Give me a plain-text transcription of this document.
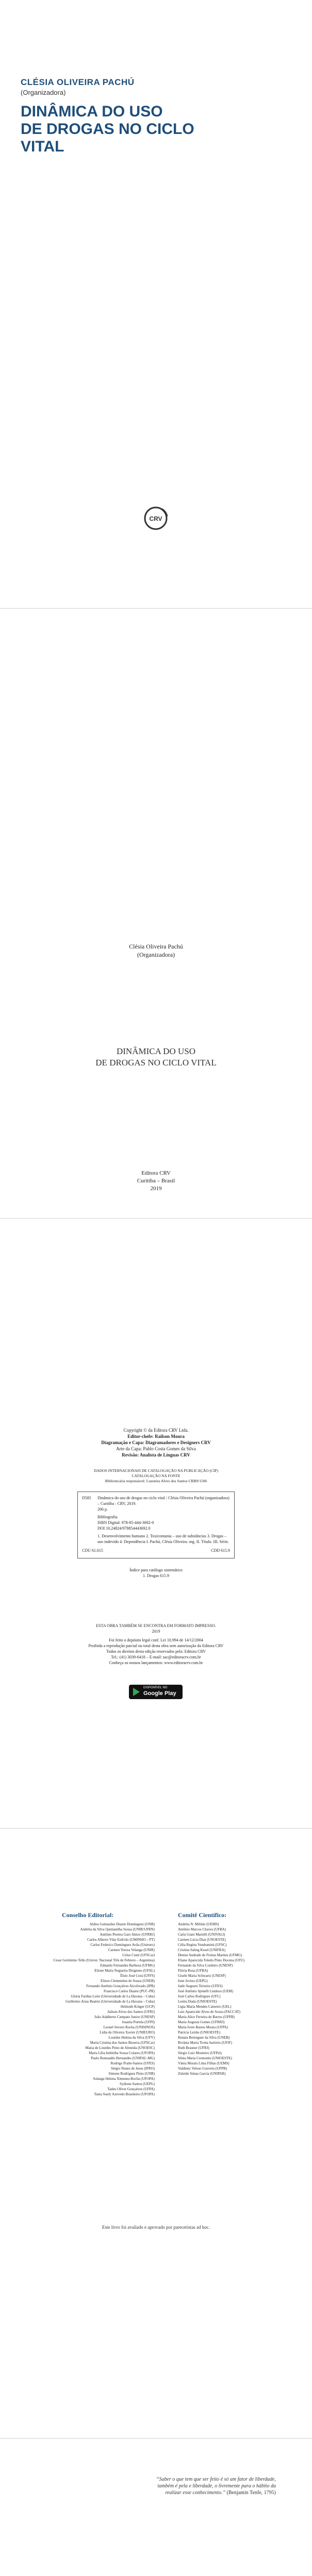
CLÉSIA OLIVEIRA PACHÚ
(Organizadora)
DINÂMICA DO USO
DE DROGAS NO CICLO VITAL
CRV
Clésia Oliveira Pachú
(Organizadora)
DINÂMICA DO USO
DE DROGAS NO CICLO VITAL
Editora CRV
Curitiba – Brasil
2019
Copyright © da Editora CRV Ltda.
Editor-chefe: Railson Moura
Diagramação e Capa: Diagramadores e Designers CRV
Arte da Capa: Pablo Costa Gomes da Silva
Revisão: Analista de Línguas CRV
DADOS INTERNACIONAIS DE CATALOGAÇÃO NA PUBLICAÇÃO (CIP)
CATALOGAÇÃO NA FONTE
Bibliotecária responsável: Luzenira Alves dos Santos CRB9/1506
D585	Dinâmica do uso de drogas no ciclo vital / Clésia Oliveira Pachú (organizadora) – Curitiba : CRV, 2019.
266 p.
Bibliografia
ISBN Digital: 978-85-444-3692-0
DOI 10.24824/978854443692.0
1. Desenvolvimento humano 2. Toxicomania – uso de substâncias 3. Drogas – uso indevido 4. Dependência I. Pachú, Clésia Oliveira. org. II. Título. III. Série.
CDU 61.615	CDD 615.9
Índice para catálogo sistemático
1. Drogas 615.9
ESTA OBRA TAMBÉM SE ENCONTRA EM FORMATO IMPRESSO.
2019
Foi feito o depósito legal conf. Lei 10.994 de 14/12/2004
Proibida a reprodução parcial ou total desta obra sem autorização da Editora CRV
Todos os direitos desta edição reservados pela: Editora CRV
Tel.: (41) 3039-6418 – E-mail: sac@editoracrv.com.br
Conheça os nossos lançamentos: www.editoracrv.com.br
DISPONÍVEL NO
Google Play
Conselho Editorial:	Comitê Científico:
Aldira Guimarães Duarte Domínguez (UNB)
Andréia da Silva Quintanilha Sousa (UNIR/UFRN)
Antônio Pereira Gaio Júnior (UFRRJ)
Carlos Alberto Vilar Estêvão (UMINHO – PT)
Carlos Federico Domínguez Avila (Unieuro)
Carmen Tereza Velanga (UNIR)
Celso Conti (UFSCar)
Cesar Gerónimo Tello (Univer. Nacional Três de Febrero – Argentina)
Eduardo Fernandes Barbosa (UFMG)
Elione Maria Nogueira Diogenes (UFAL)
Élsio José Corá (UFFS)
Elizeu Clementino de Souza (UNEB)
Fernando Antônio Gonçalves Alcoforado (IPB)
Francisco Carlos Duarte (PUC-PR)
Gloria Fariñas León (Universidade de La Havana – Cuba)
Guillermo Arias Beatón (Universidade de La Havana – Cuba)
Helmuth Krüger (UCP)
Jailson Alves dos Santos (UFRJ)
João Adalberto Campato Junior (UNESP)
Josania Portela (UFPI)
Leonel Severo Rocha (UNISINOS)
Lídia de Oliveira Xavier (UNIEURO)
Lourdes Helena da Silva (UFV)
Maria Cristina dos Santos Bezerra (UFSCar)
Maria de Lourdes Pinto de Almeida (UNOESC)
Maria Lília Imbiriba Sousa Colares (UFOPA)
Paulo Romualdo Hernandes (UNIFAL-MG)
Rodrigo Pratte-Santos (UFES)
Sérgio Nunes de Jesus (IFRO)
Simone Rodrigues Pinto (UNB)
Solange Helena Ximenes-Rocha (UFOPA)
Sydione Santos (UEPG)
Tadeu Oliver Gonçalves (UFPA)
Tania Suely Azevedo Brasileiro (UFOPA)
Andréia N. Militão (UEMS)
Antônio Marcos Chaves (UFBA)
Carla Giani Martelli (UNIVALI)
Carmen Lúcia Dias (UNOESTE)
Célia Regina Vendramini (UFSC)
Cristina Saling Kruel (UNIFRA)
Denise Andrade de Freitas Martins (UFMG)
Eliane Aparecida Toledo Pinto Docena (UFU)
Fernando da Silva Cordeiro (UNESP)
Flávia Rosa (UFBA)
Gisele Maria Schwartz (UNESP)
Ione Jovino (UEPG)
Jadir Augusto Teixeira (UFES)
José Antônio Spinelli Lindozo (UEM)
José Carlos Rodrigues (UFC)
Lenita Duda (UNIOESTE)
Lígia Maria Mendes Carneiro (UEL)
Luiz Aparecido Alves de Souza (FACCAT)
Maria Alice Ferreira de Barros (UFPB)
Maria Augusta Gomes (UFRRJ)
Maria Ivete Bastos Moura (UFPA)
Patrícia Leirão (UNIOESTE)
Renata Berenguer da Silva (UNEB)
Rivânia Maria Trotta Sartório (UFJF)
Ruth Brauner (UFRJ)
Sérgio Luiz Monteiro (UFPel)
Sônia Maria Cremonin (UNIOESTE)
Vânia Morais Lima Filhas (UEMS)
Valdiney Veloso Gouveia (UFPB)
Zuleide Simas Garcia (UNIPAR)
Este livro foi avaliado e aprovado por pareceristas ad hoc.
“Saber o que tem que ser feito é só um fator de liberdade, também é pela e liberdade, o livremente para o hábito da realizar esse conhecimento.” (Benjamin Tenfe, 1795)
